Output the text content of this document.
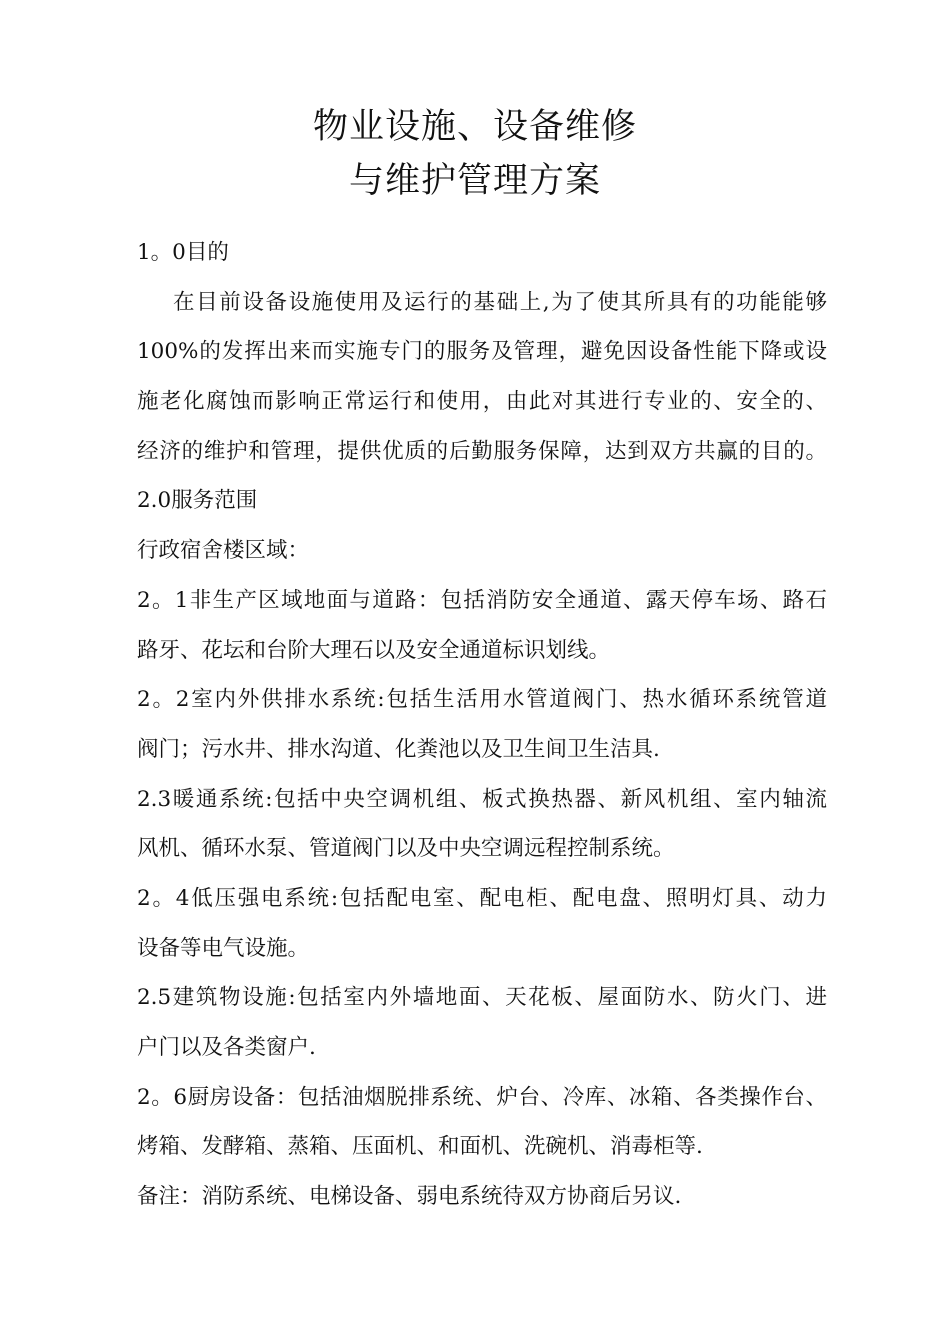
物业设施、设备维修
与维护管理方案
1。0目的
在目前设备设施使用及运行的基础上,为了使其所具有的功能能够
100%的发挥出来而实施专门的服务及管理，避免因设备性能下降或设
施老化腐蚀而影响正常运行和使用，由此对其进行专业的、安全的、
经济的维护和管理，提供优质的后勤服务保障，达到双方共赢的目的。
2.0服务范围
行政宿舍楼区域：
2。1非生产区域地面与道路：包括消防安全通道、露天停车场、路石
路牙、花坛和台阶大理石以及安全通道标识划线。
2。2室内外供排水系统:包括生活用水管道阀门、热水循环系统管道
阀门；污水井、排水沟道、化粪池以及卫生间卫生洁具.
2.3暖通系统:包括中央空调机组、板式换热器、新风机组、室内轴流
风机、循环水泵、管道阀门以及中央空调远程控制系统。
2。4低压强电系统:包括配电室、配电柜、配电盘、照明灯具、动力
设备等电气设施。
2.5建筑物设施:包括室内外墙地面、天花板、屋面防水、防火门、进
户门以及各类窗户.
2。6厨房设备：包括油烟脱排系统、炉台、冷库、冰箱、各类操作台、
烤箱、发酵箱、蒸箱、压面机、和面机、洗碗机、消毒柜等.
备注：消防系统、电梯设备、弱电系统待双方协商后另议.
